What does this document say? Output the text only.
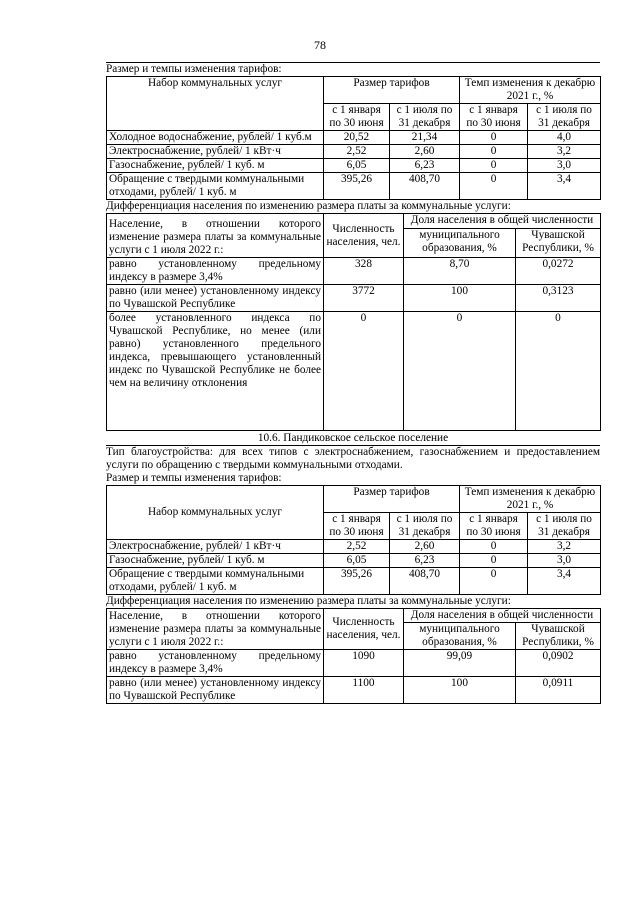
78
Размер и темпы изменения тарифов:
Набор коммунальных услуг	Размер тарифов		Темп изменения к декабрю 2021 г., %	
	с 1 января по 30 июня	с 1 июля по 31 декабря	с 1 января по 30 июня	с 1 июля по 31 декабря
Холодное водоснабжение, рублей/ 1 куб.м	20,52	21,34	0	4,0
Электроснабжение, рублей/ 1 кВт·ч	2,52	2,60	0	3,2
Газоснабжение, рублей/ 1 куб. м	6,05	6,23	0	3,0
Обращение с твердыми коммунальными отходами, рублей/ 1 куб. м	395,26	408,70	0	3,4
Дифференциация населения по изменению размера платы за коммунальные услуги:
Население, в отношении которого изменение размера платы за коммунальные услуги с 1 июля 2022 г.:	Численность населения, чел.	Доля населения в общей численности	
		муниципального образования, %	Чувашской Республики, %
равно установленному предельному индексу в размере 3,4%	328	8,70	0,0272
равно (или менее) установленному индексу по Чувашской Республике	3772	100	0,3123
более установленного индекса по Чувашской Республике, но менее (или равно) установленного предельного индекса, превышающего установленный индекс по Чувашской Республике не более чем на величину отклонения	0	0	0
10.6. Пандиковское сельское поселение
Тип благоустройства: для всех типов с электроснабжением, газоснабжением и предоставлением услуги по обращению с твердыми коммунальными отходами.
Размер и темпы изменения тарифов:
Набор коммунальных услуг	Размер тарифов		Темп изменения к декабрю 2021 г., %	
	с 1 января по 30 июня	с 1 июля по 31 декабря	с 1 января по 30 июня	с 1 июля по 31 декабря
Электроснабжение, рублей/ 1 кВт·ч	2,52	2,60	0	3,2
Газоснабжение, рублей/ 1 куб. м	6,05	6,23	0	3,0
Обращение с твердыми коммунальными отходами, рублей/ 1 куб. м	395,26	408,70	0	3,4
Дифференциация населения по изменению размера платы за коммунальные услуги:
Население, в отношении которого изменение размера платы за коммунальные услуги с 1 июля 2022 г.:	Численность населения, чел.	Доля населения в общей численности	
		муниципального образования, %	Чувашской Республики, %
равно установленному предельному индексу в размере 3,4%	1090	99,09	0,0902
равно (или менее) установленному индексу по Чувашской Республике	1100	100	0,0911
